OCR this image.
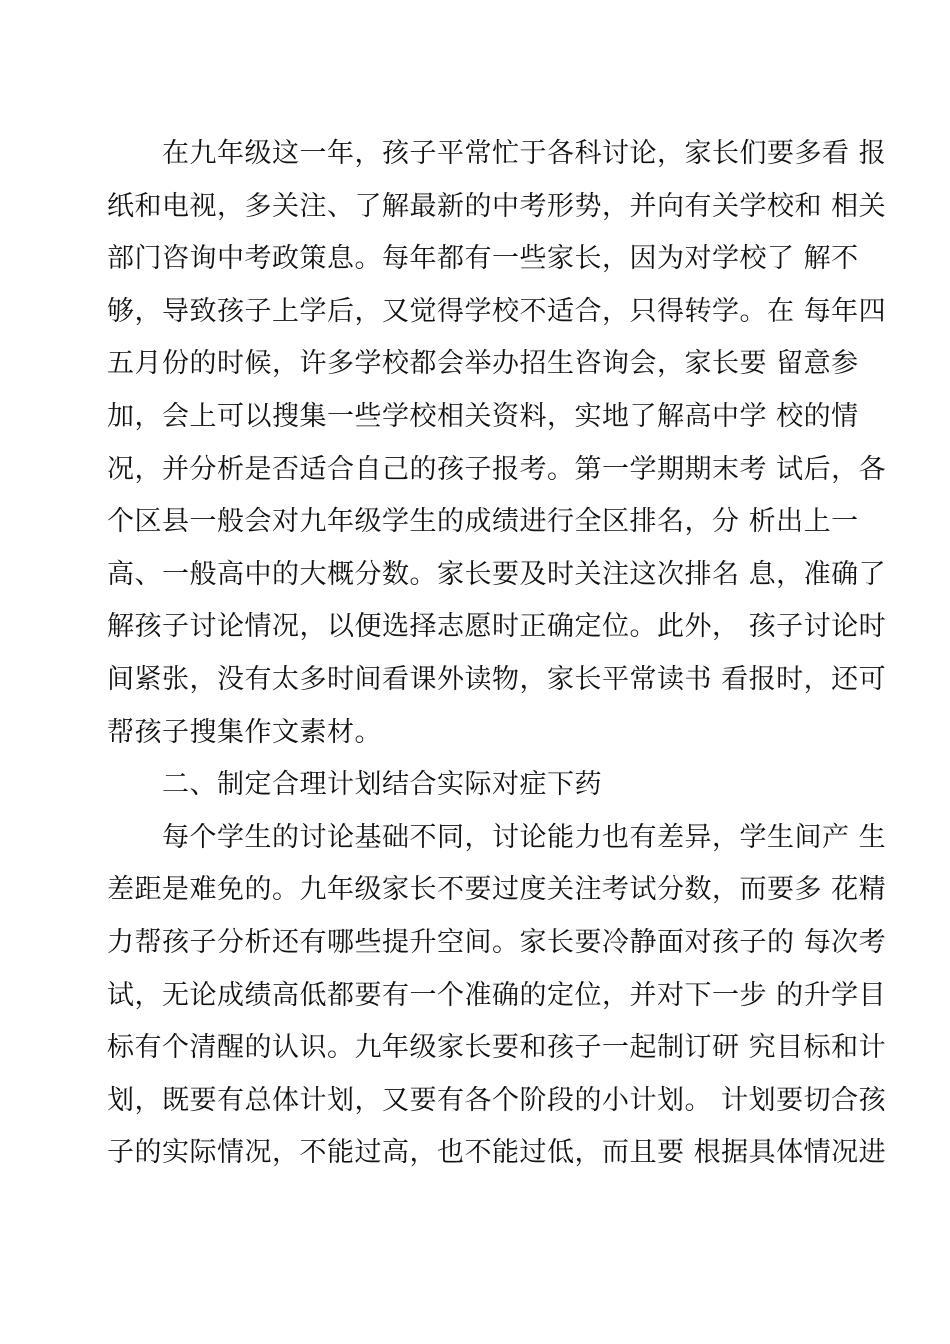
在九年级这一年，孩子平常忙于各科讨论，家长们要多看 报
纸和电视，多关注、了解最新的中考形势，并向有关学校和 相关
部门咨询中考政策息。每年都有一些家长，因为对学校了 解不
够，导致孩子上学后，又觉得学校不适合，只得转学。在 每年四
五月份的时候，许多学校都会举办招生咨询会，家长要 留意参
加，会上可以搜集一些学校相关资料，实地了解高中学 校的情
况，并分析是否适合自己的孩子报考。第一学期期末考 试后，各
个区县一般会对九年级学生的成绩进行全区排名，分 析出上一
高、一般高中的大概分数。家长要及时关注这次排名 息，准确了
解孩子讨论情况，以便选择志愿时正确定位。此外， 孩子讨论时
间紧张，没有太多时间看课外读物，家长平常读书 看报时，还可
帮孩子搜集作文素材。
二、制定合理计划结合实际对症下药
每个学生的讨论基础不同，讨论能力也有差异，学生间产 生
差距是难免的。九年级家长不要过度关注考试分数，而要多 花精
力帮孩子分析还有哪些提升空间。家长要冷静面对孩子的 每次考
试，无论成绩高低都要有一个准确的定位，并对下一步 的升学目
标有个清醒的认识。九年级家长要和孩子一起制订研 究目标和计
划，既要有总体计划，又要有各个阶段的小计划。 计划要切合孩
子的实际情况，不能过高，也不能过低，而且要 根据具体情况进
